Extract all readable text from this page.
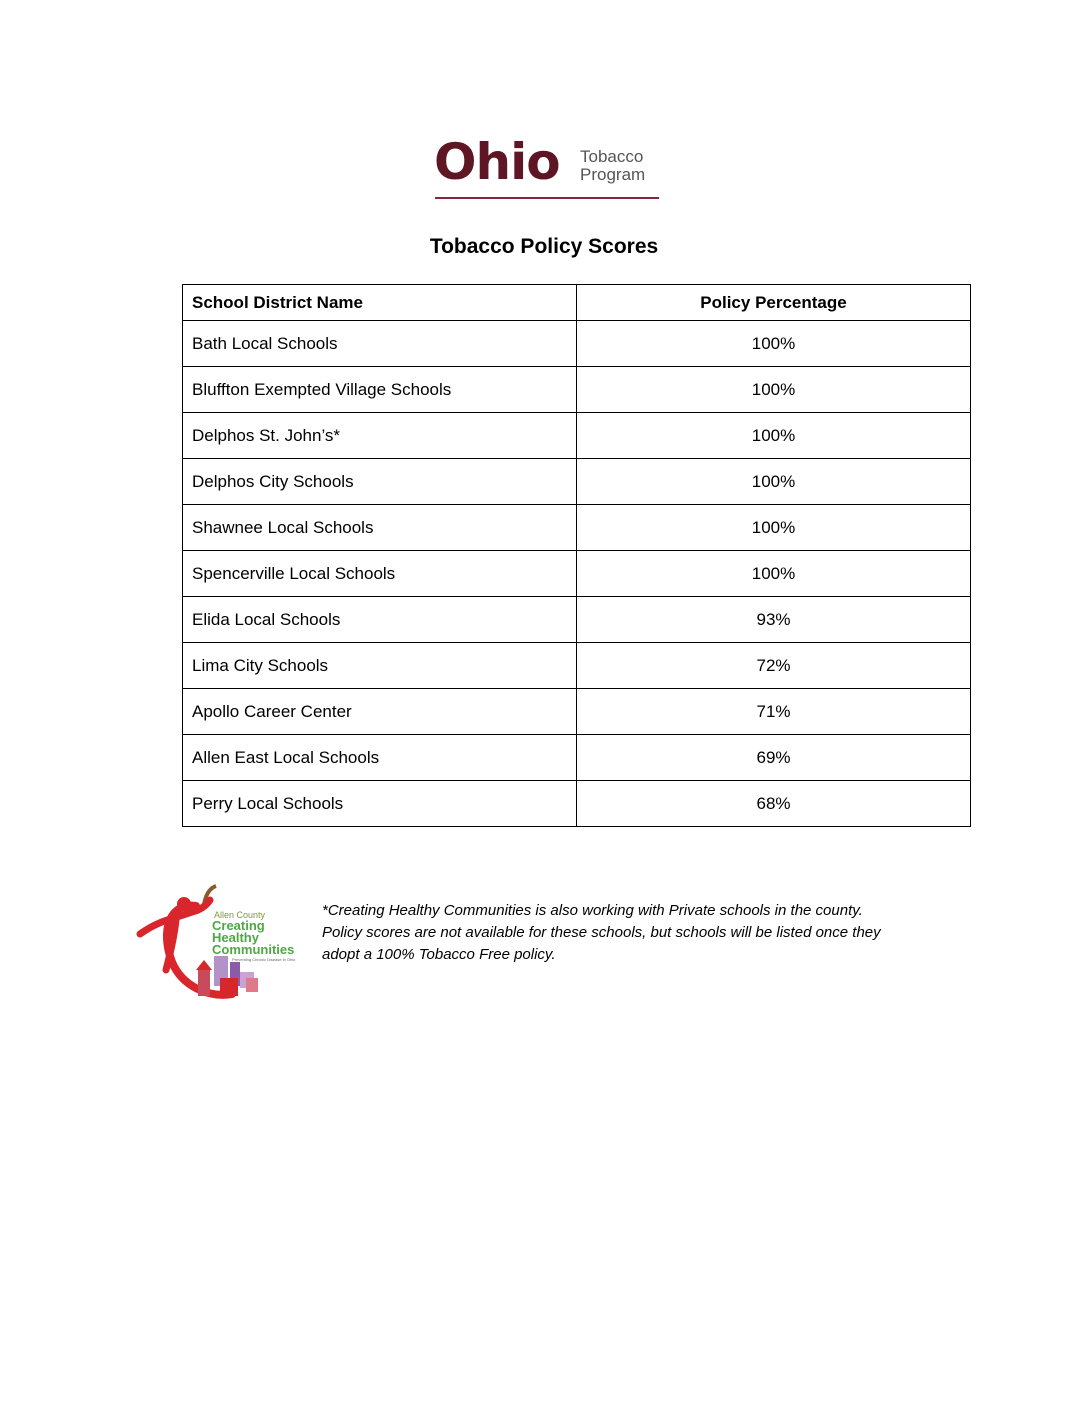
Ohio Tobacco
Program
Tobacco Policy Scores
School District Name	Policy Percentage
Bath Local Schools	100%
Bluffton Exempted Village Schools	100%
Delphos St. John’s*	100%
Delphos City Schools	100%
Shawnee Local Schools	100%
Spencerville Local Schools	100%
Elida Local Schools	93%
Lima City Schools	72%
Apollo Career Center	71%
Allen East Local Schools	69%
Perry Local Schools	68%
Allen County
Creating
Healthy
Communities
Preventing Chronic Disease in Ohio
*Creating Healthy Communities is also working with Private schools in the county.
Policy scores are not available for these schools, but schools will be listed once they
adopt a 100% Tobacco Free policy.
